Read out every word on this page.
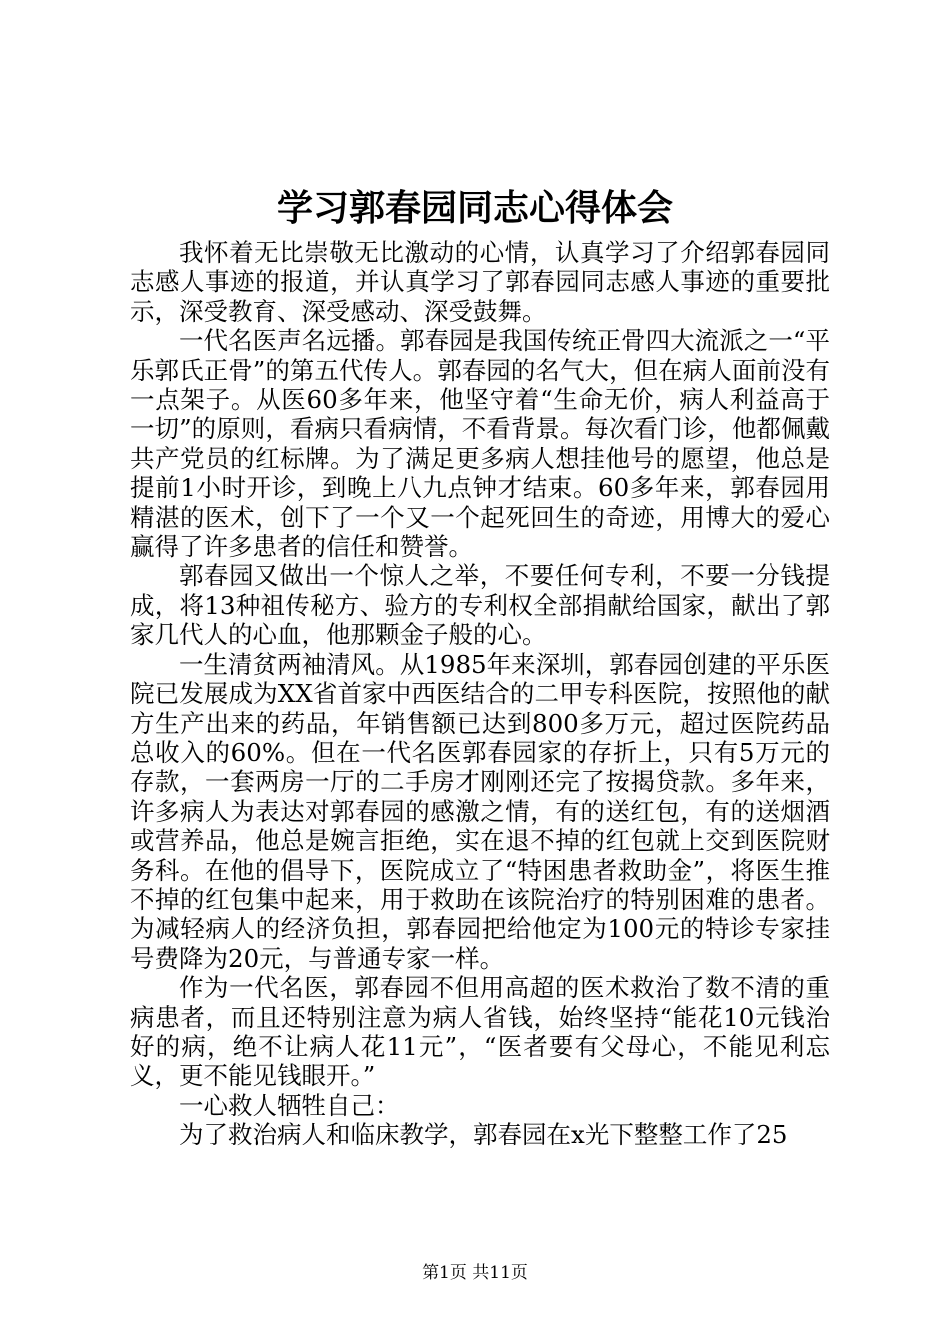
学习郭春园同志心得体会

我怀着无比崇敬无比激动的心情，认真学习了介绍郭春园同志感人事迹的报道，并认真学习了郭春园同志感人事迹的重要批示，深受教育、深受感动、深受鼓舞。

一代名医声名远播。郭春园是我国传统正骨四大流派之一“平乐郭氏正骨”的第五代传人。郭春园的名气大，但在病人面前没有一点架子。从医60多年来，他坚守着“生命无价，病人利益高于一切”的原则，看病只看病情，不看背景。每次看门诊，他都佩戴共产党员的红标牌。为了满足更多病人想挂他号的愿望，他总是提前1小时开诊，到晚上八九点钟才结束。60多年来，郭春园用精湛的医术，创下了一个又一个起死回生的奇迹，用博大的爱心赢得了许多患者的信任和赞誉。

郭春园又做出一个惊人之举，不要任何专利，不要一分钱提成，将13种祖传秘方、验方的专利权全部捐献给国家，献出了郭家几代人的心血，他那颗金子般的心。

一生清贫两袖清风。从1985年来深圳，郭春园创建的平乐医院已发展成为XX省首家中西医结合的二甲专科医院，按照他的献方生产出来的药品，年销售额已达到800多万元，超过医院药品总收入的60%。但在一代名医郭春园家的存折上，只有5万元的存款，一套两房一厅的二手房才刚刚还完了按揭贷款。多年来，许多病人为表达对郭春园的感激之情，有的送红包，有的送烟酒或营养品，他总是婉言拒绝，实在退不掉的红包就上交到医院财务科。在他的倡导下，医院成立了“特困患者救助金”，将医生推不掉的红包集中起来，用于救助在该院治疗的特别困难的患者。为减轻病人的经济负担，郭春园把给他定为100元的特诊专家挂号费降为20元，与普通专家一样。

作为一代名医，郭春园不但用高超的医术救治了数不清的重病患者，而且还特别注意为病人省钱，始终坚持“能花10元钱治好的病，绝不让病人花11元”，“医者要有父母心，不能见利忘义，更不能见钱眼开。”

一心救人牺牲自己：

为了救治病人和临床教学，郭春园在x光下整整工作了25

第1页 共11页
